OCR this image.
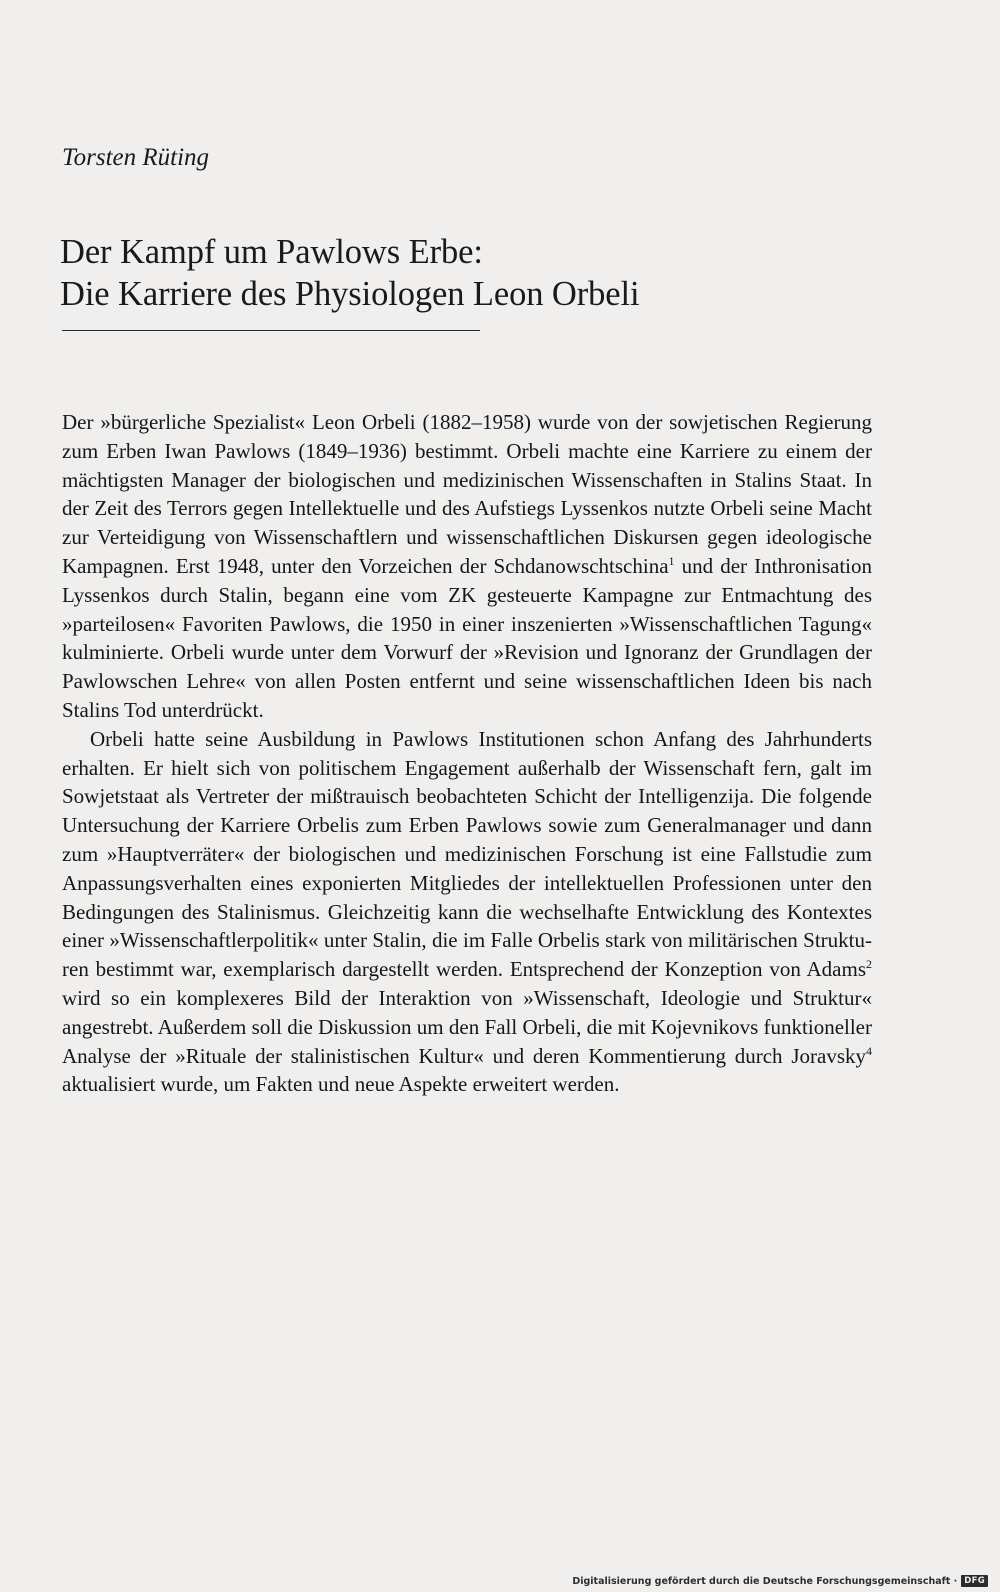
Torsten Rüting
Der Kampf um Pawlows Erbe:
Die Karriere des Physiologen Leon Orbeli

Der »bürgerliche Spezialist« Leon Orbeli (1882–1958) wurde von der sowjetischen Regierung zum Erben Iwan Pawlows (1849–1936) bestimmt. Orbeli machte eine Karriere zu einem der mächtigsten Manager der biologischen und medizinischen Wissenschaften in Stalins Staat. In der Zeit des Terrors gegen Intellektuelle und des Aufstiegs Lyssenkos nutzte Orbeli seine Macht zur Verteidigung von Wissenschaftlern und wissenschaftlichen Diskursen gegen ideologische Kampagnen. Erst 1948, unter den Vorzeichen der Schdanowschtschina$^1$ und der Inthronisation Lyssenkos durch Stalin, begann eine vom ZK gesteuerte Kampagne zur Entmachtung des »parteilosen« Favoriten Pawlows, die 1950 in einer inszenierten »Wissenschaftlichen Tagung« kulminierte. Orbeli wurde unter dem Vorwurf der »Revision und Ignoranz der Grundlagen der Pawlowschen Lehre« von allen Posten entfernt und seine wissenschaftlichen Ideen bis nach Stalins Tod unterdrückt.

Orbeli hatte seine Ausbildung in Pawlows Institutionen schon Anfang des Jahrhunderts erhalten. Er hielt sich von politischem Engagement außerhalb der Wissenschaft fern, galt im Sowjetstaat als Vertreter der mißtrauisch beobachteten Schicht der Intelligenzija. Die folgende Untersuchung der Karriere Orbelis zum Erben Pawlows sowie zum Generalmanager und dann zum »Hauptverräter« der biologischen und medizinischen Forschung ist eine Fallstudie zum Anpassungsverhalten eines exponierten Mitgliedes der intellektuellen Professionen unter den Bedingungen des Stalinismus. Gleichzeitig kann die wechselhafte Entwicklung des Kontextes einer »Wissenschaftlerpolitik« unter Stalin, die im Falle Orbelis stark von militärischen Strukturen bestimmt war, exemplarisch dargestellt werden. Entsprechend der Konzeption von Adams$^2$ wird so ein komplexeres Bild der Interaktion von »Wissenschaft, Ideologie und Struktur« angestrebt. Außerdem soll die Diskussion um den Fall Orbeli, die mit Kojevnikovs funktioneller Analyse der »Rituale der stalinistischen Kultur« und deren Kommentierung durch Joravsky$^4$ aktualisiert wurde, um Fakten und neue Aspekte erweitert werden.

Digitalisierung gefördert durch die Deutsche Forschungsgemeinschaft · DFG
